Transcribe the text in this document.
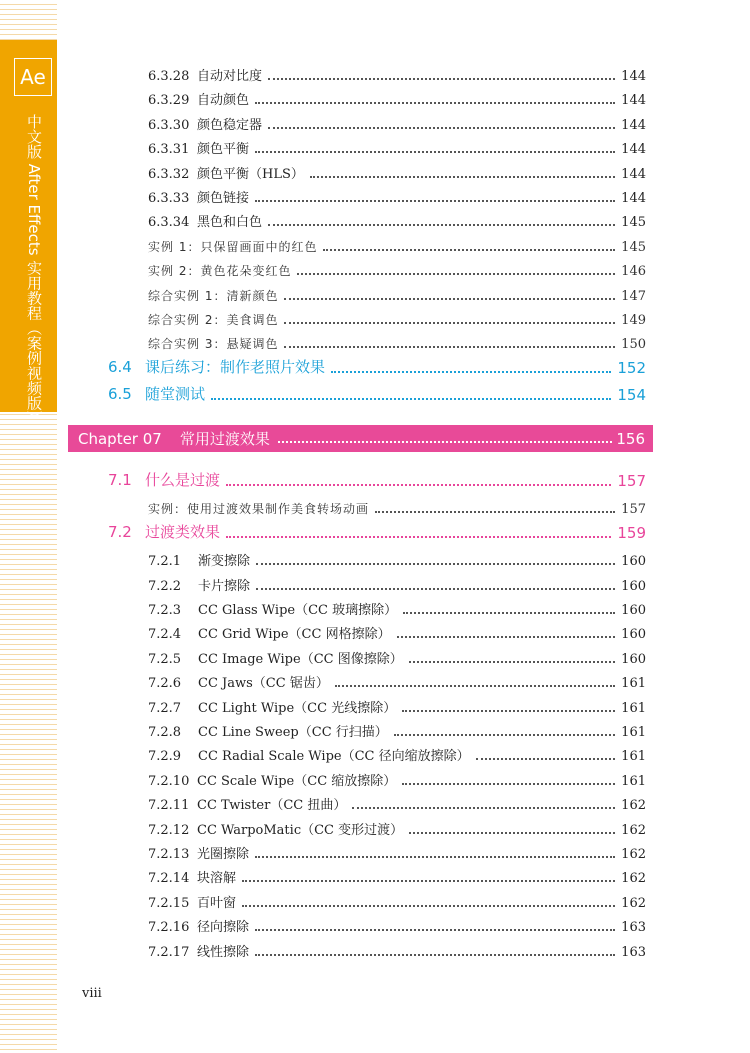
Ae
中文版 After Effects 实用教程（案例视频版）
6.3.28 自动对比度	144
6.3.29 自动颜色	144
6.3.30 颜色稳定器	144
6.3.31 颜色平衡	144
6.3.32 颜色平衡（HLS）	144
6.3.33 颜色链接	144
6.3.34 黑色和白色	145
实例 1：只保留画面中的红色	145
实例 2：黄色花朵变红色	146
综合实例 1：清新颜色	147
综合实例 2：美食调色	149
综合实例 3：悬疑调色	150
6.4 课后练习：制作老照片效果	152
6.5 随堂测试	154
Chapter 07 常用过渡效果	156
7.1 什么是过渡	157
实例：使用过渡效果制作美食转场动画	157
7.2 过渡类效果	159
7.2.1 渐变擦除	160
7.2.2 卡片擦除	160
7.2.3 CC Glass Wipe（CC 玻璃擦除）	160
7.2.4 CC Grid Wipe（CC 网格擦除）	160
7.2.5 CC Image Wipe（CC 图像擦除）	160
7.2.6 CC Jaws（CC 锯齿）	161
7.2.7 CC Light Wipe（CC 光线擦除）	161
7.2.8 CC Line Sweep（CC 行扫描）	161
7.2.9 CC Radial Scale Wipe（CC 径向缩放擦除）	161
7.2.10 CC Scale Wipe（CC 缩放擦除）	161
7.2.11 CC Twister（CC 扭曲）	162
7.2.12 CC WarpoMatic（CC 变形过渡）	162
7.2.13 光圈擦除	162
7.2.14 块溶解	162
7.2.15 百叶窗	162
7.2.16 径向擦除	163
7.2.17 线性擦除	163
viii
